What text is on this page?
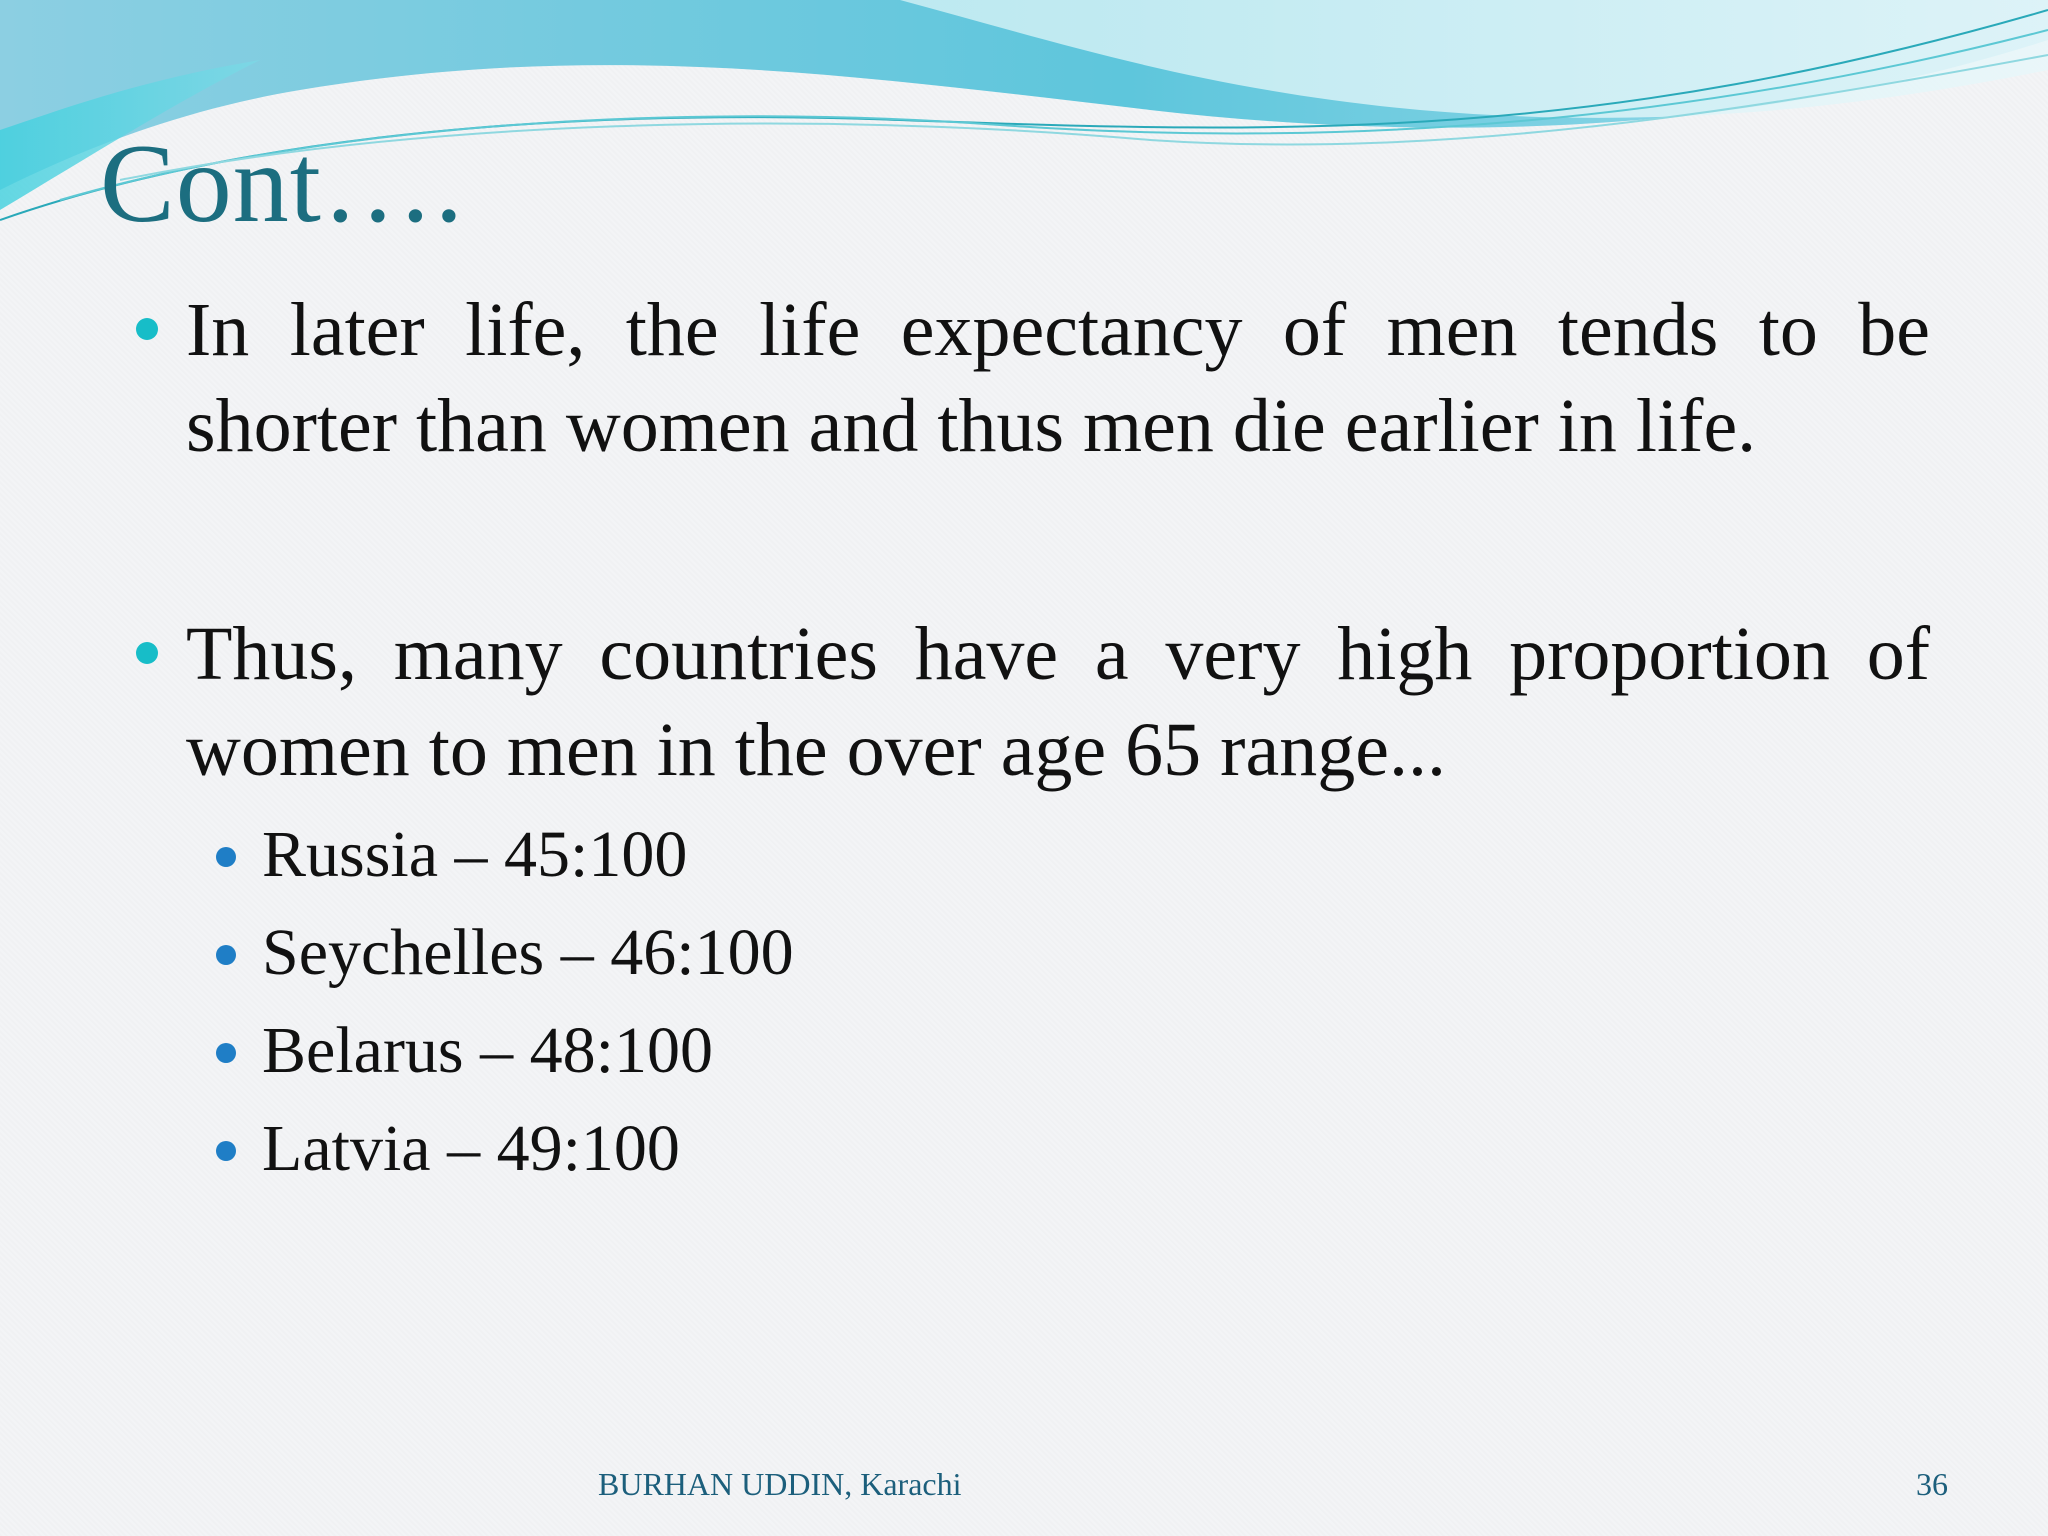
Cont….
In later life, the life expectancy of men tends to be shorter than women and thus men die earlier in life.
Thus, many countries have a very high proportion of women to men in the over age 65 range...
Russia – 45:100
Seychelles – 46:100
Belarus – 48:100
Latvia – 49:100
BURHAN UDDIN, Karachi	36
